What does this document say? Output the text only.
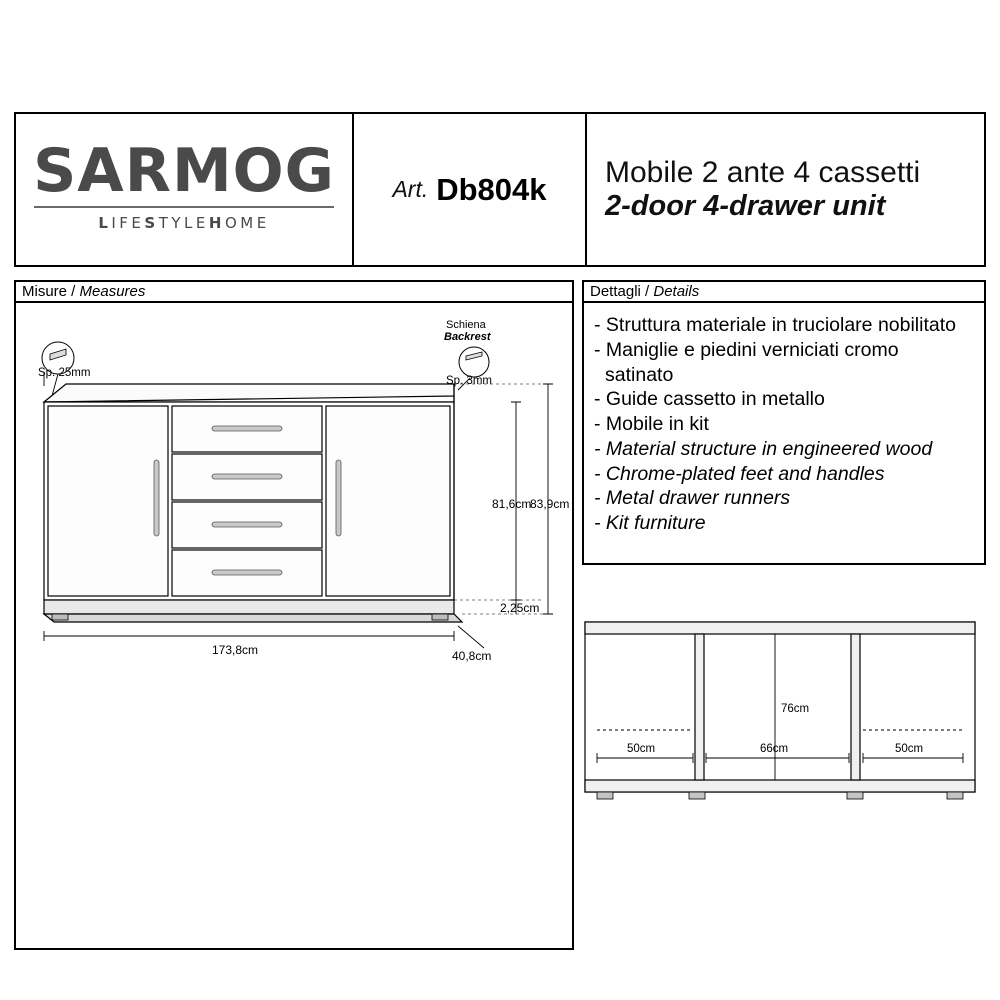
SARMOG
LIFESTYLEHOME
Art. Db804k Mobile 2 ante 4 cassetti
2-door 4-drawer unit
Misure / Measures	Dettagli / Details
- Struttura materiale in truciolare nobilitato
- Maniglie e piedini verniciati cromo
satinato
- Guide cassetto in metallo
- Mobile in kit
- Material structure in engineered wood
- Chrome-plated feet and handles
- Metal drawer runners
- Kit furniture
Sp. 25mm
Schiena
Backrest
Sp. 3mm
81,6cm
83,9cm
2,25cm
173,8cm	40,8cm
76cm
50cm	66cm	50cm
